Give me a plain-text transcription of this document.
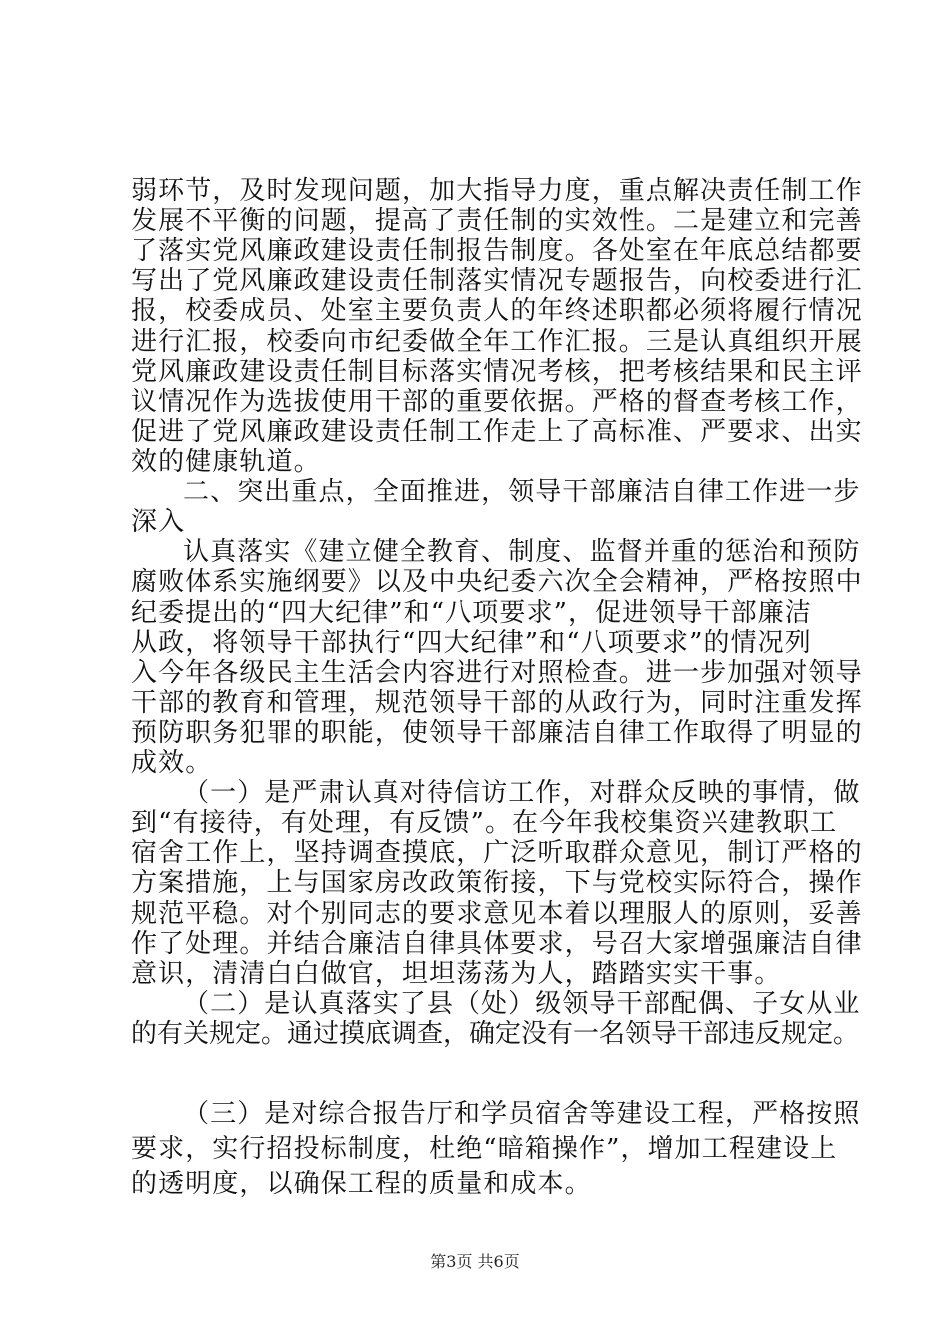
弱环节，及时发现问题，加大指导力度，重点解决责任制工作
发展不平衡的问题，提高了责任制的实效性。二是建立和完善
了落实党风廉政建设责任制报告制度。各处室在年底总结都要
写出了党风廉政建设责任制落实情况专题报告，向校委进行汇
报，校委成员、处室主要负责人的年终述职都必须将履行情况
进行汇报，校委向市纪委做全年工作汇报。三是认真组织开展
党风廉政建设责任制目标落实情况考核，把考核结果和民主评
议情况作为选拔使用干部的重要依据。严格的督查考核工作，
促进了党风廉政建设责任制工作走上了高标准、严要求、出实
效的健康轨道。
二、突出重点，全面推进，领导干部廉洁自律工作进一步
深入
认真落实《建立健全教育、制度、监督并重的惩治和预防
腐败体系实施纲要》以及中央纪委六次全会精神，严格按照中
纪委提出的“四大纪律”和“八项要求”，促进领导干部廉洁
从政，将领导干部执行“四大纪律”和“八项要求”的情况列
入今年各级民主生活会内容进行对照检查。进一步加强对领导
干部的教育和管理，规范领导干部的从政行为，同时注重发挥
预防职务犯罪的职能，使领导干部廉洁自律工作取得了明显的
成效。
（一）是严肃认真对待信访工作，对群众反映的事情，做
到“有接待，有处理，有反馈”。在今年我校集资兴建教职工
宿舍工作上，坚持调查摸底，广泛听取群众意见，制订严格的
方案措施，上与国家房改政策衔接，下与党校实际符合，操作
规范平稳。对个别同志的要求意见本着以理服人的原则，妥善
作了处理。并结合廉洁自律具体要求，号召大家增强廉洁自律
意识，清清白白做官，坦坦荡荡为人，踏踏实实干事。
（二）是认真落实了县（处）级领导干部配偶、子女从业
的有关规定。通过摸底调查，确定没有一名领导干部违反规定。
（三）是对综合报告厅和学员宿舍等建设工程，严格按照
要求，实行招投标制度，杜绝“暗箱操作”，增加工程建设上
的透明度，以确保工程的质量和成本。
第3页 共6页
